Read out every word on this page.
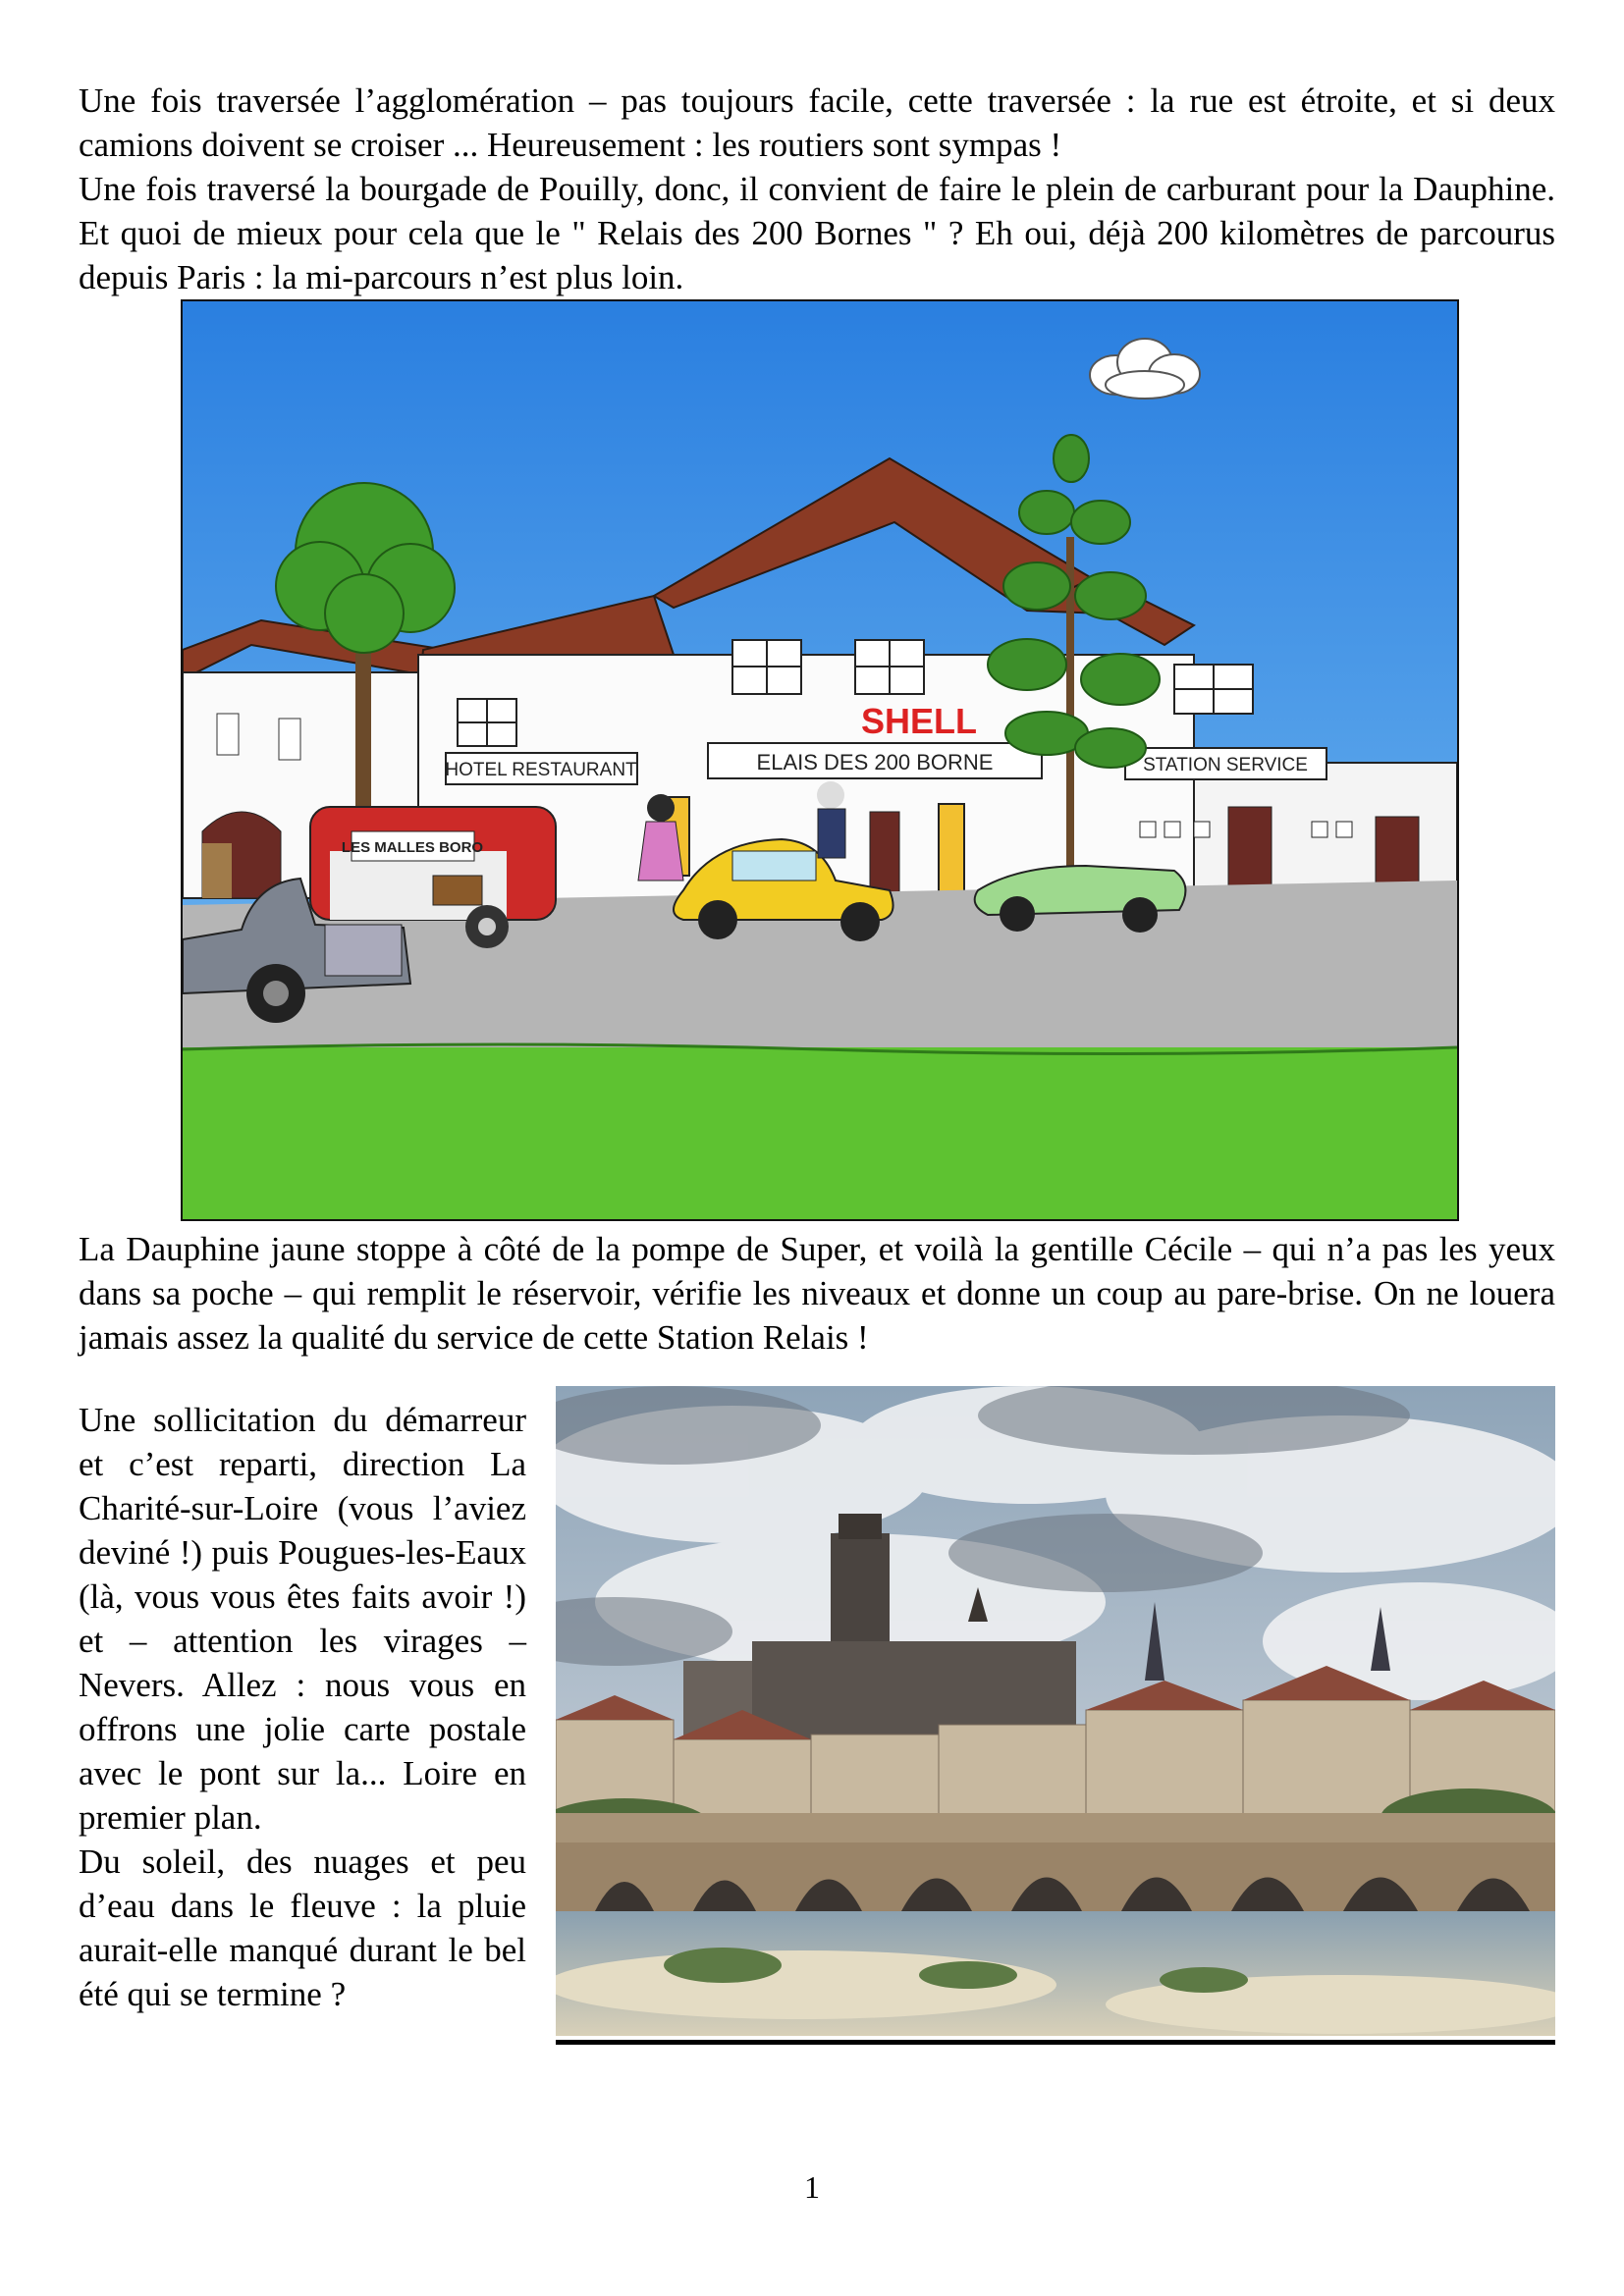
Une fois traversée l’agglomération – pas toujours facile, cette traversée : la rue est étroite, et si deux camions doivent se croiser ... Heureusement : les routiers sont sympas !
Une fois traversé la bourgade de Pouilly, donc, il convient de faire le plein de carburant pour la Dauphine. Et quoi de mieux pour cela que le " Relais des 200 Bornes " ? Eh oui, déjà 200 kilomètres de parcourus depuis Paris : la mi-parcours n’est plus loin.
SHELL
HOTEL RESTAURANT	ELAIS DES 200 BORNE	STATION SERVICE
LES MALLES BORO

La Dauphine jaune stoppe à côté de la pompe de Super, et voilà la gentille Cécile – qui n’a pas les yeux dans sa poche – qui remplit le réservoir, vérifie les niveaux et donne un coup au pare-brise. On ne louera jamais assez la qualité du service de cette Station Relais !

Une sollicitation du démarreur et c’est reparti, direction La Charité-sur-Loire (vous l’aviez deviné !) puis Pougues-les-Eaux (là, vous vous êtes faits avoir !) et – attention les virages – Nevers. Allez : nous vous en offrons une jolie carte postale avec le pont sur la... Loire en premier plan.

Du soleil, des nuages et peu d’eau dans le fleuve : la pluie aurait-elle manqué durant le bel été qui se termine ?

1
